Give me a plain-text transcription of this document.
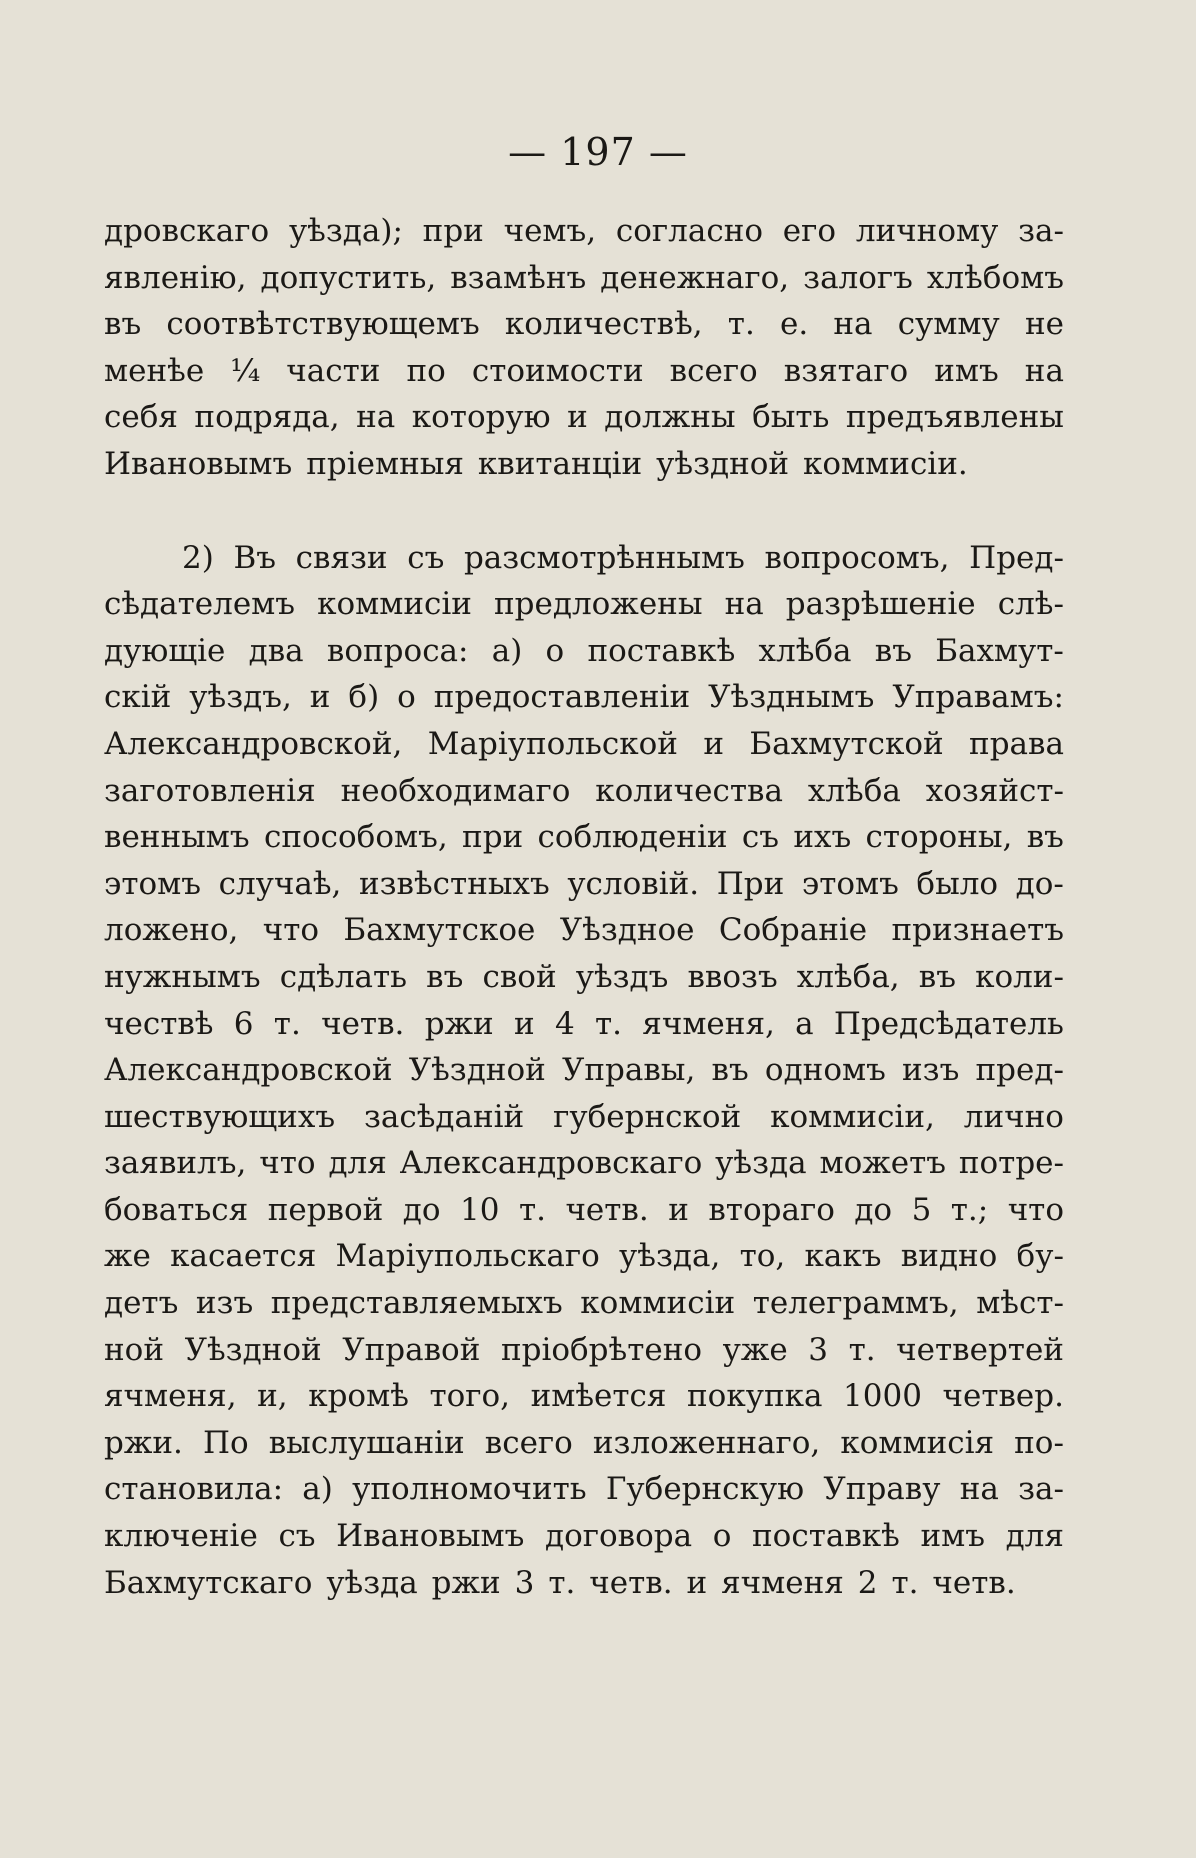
— 197 —
дровскаго уѣзда); при чемъ, согласно его личному за-
явленію, допустить, взамѣнъ денежнаго, залогъ хлѣбомъ
въ соотвѣтствующемъ количествѣ, т. е. на сумму не
менѣе ¼ части по стоимости всего взятаго имъ на
себя подряда, на которую и должны быть предъявлены
Ивановымъ пріемныя квитанціи уѣздной коммисіи.
2) Въ связи съ разсмотрѣннымъ вопросомъ, Пред-
сѣдателемъ коммисіи предложены на разрѣшеніе слѣ-
дующіе два вопроса: а) о поставкѣ хлѣба въ Бахмут-
скій уѣздъ, и б) о предоставленіи Уѣзднымъ Управамъ:
Александровской, Маріупольской и Бахмутской права
заготовленія необходимаго количества хлѣба хозяйст-
веннымъ способомъ, при соблюденіи съ ихъ стороны, въ
этомъ случаѣ, извѣстныхъ условій. При этомъ было до-
ложено, что Бахмутское Уѣздное Собраніе признаетъ
нужнымъ сдѣлать въ свой уѣздъ ввозъ хлѣба, въ коли-
чествѣ 6 т. четв. ржи и 4 т. ячменя, а Предсѣдатель
Александровской Уѣздной Управы, въ одномъ изъ пред-
шествующихъ засѣданій губернской коммисіи, лично
заявилъ, что для Александровскаго уѣзда можетъ потре-
боваться первой до 10 т. четв. и втораго до 5 т.; что
же касается Маріупольскаго уѣзда, то, какъ видно бу-
детъ изъ представляемыхъ коммисіи телеграммъ, мѣст-
ной Уѣздной Управой пріобрѣтено уже 3 т. четвертей
ячменя, и, кромѣ того, имѣется покупка 1000 четвер.
ржи. По выслушаніи всего изложеннаго, коммисія по-
становила: а) уполномочить Губернскую Управу на за-
ключеніе съ Ивановымъ договора о поставкѣ имъ для
Бахмутскаго уѣзда ржи 3 т. четв. и ячменя 2 т. четв.
